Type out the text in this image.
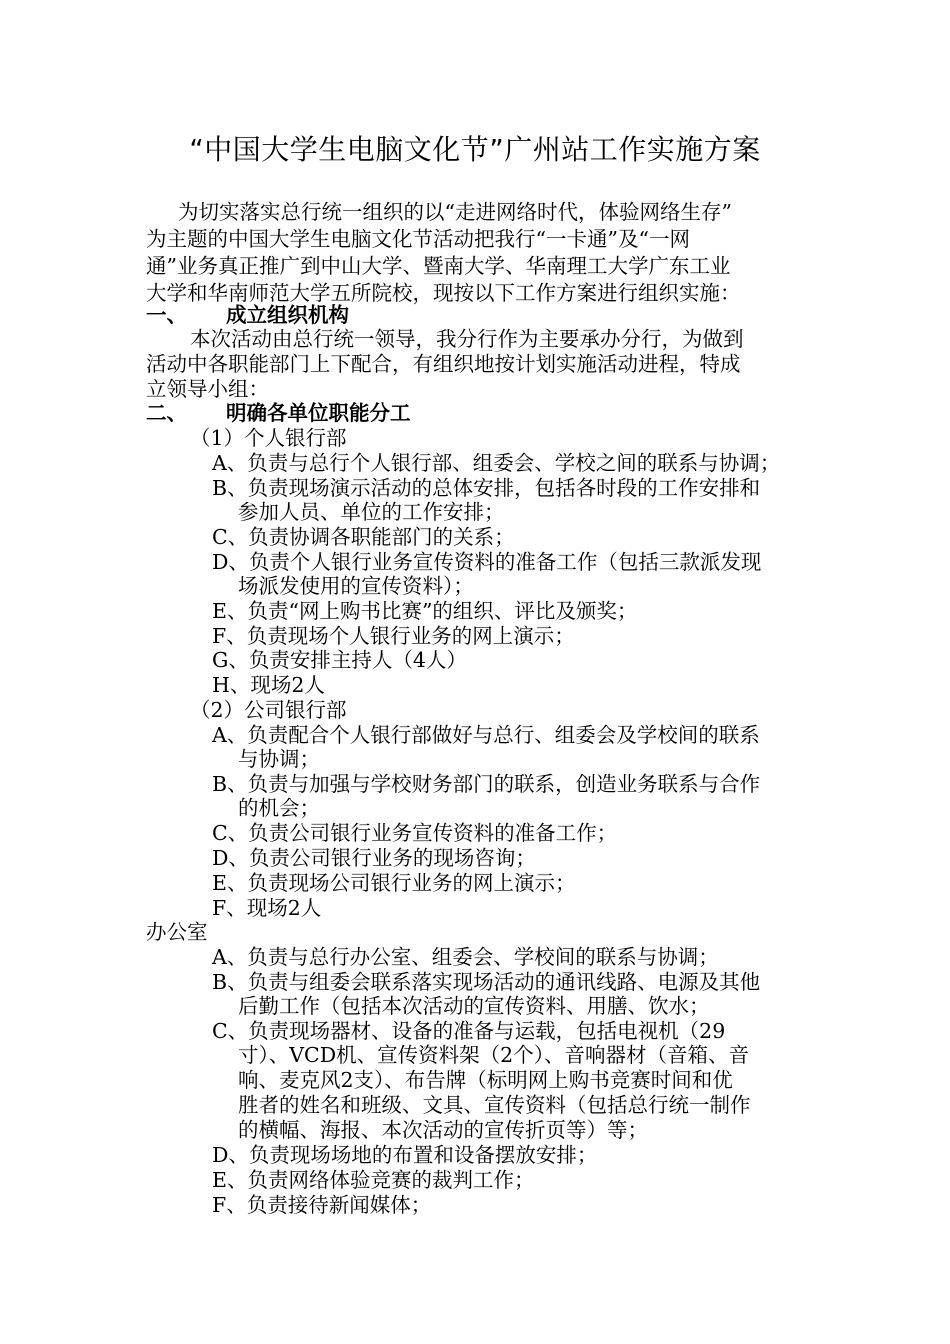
“中国大学生电脑文化节”广州站工作实施方案
为切实落实总行统一组织的以“走进网络时代，体验网络生存”
为主题的中国大学生电脑文化节活动把我行“一卡通”及“一网
通”业务真正推广到中山大学、暨南大学、华南理工大学广东工业
大学和华南师范大学五所院校，现按以下工作方案进行组织实施：
一、 成立组织机构
本次活动由总行统一领导，我分行作为主要承办分行，为做到
活动中各职能部门上下配合，有组织地按计划实施活动进程，特成
立领导小组：
二、 明确各单位职能分工
（1）个人银行部
A、负责与总行个人银行部、组委会、学校之间的联系与协调；
B、负责现场演示活动的总体安排，包括各时段的工作安排和
参加人员、单位的工作安排；
C、负责协调各职能部门的关系；
D、负责个人银行业务宣传资料的准备工作（包括三款派发现
场派发使用的宣传资料）；
E、负责“网上购书比赛”的组织、评比及颁奖；
F、负责现场个人银行业务的网上演示；
G、负责安排主持人（4人）
H、现场2人
（2）公司银行部
A、负责配合个人银行部做好与总行、组委会及学校间的联系
与协调；
B、负责与加强与学校财务部门的联系，创造业务联系与合作
的机会；
C、负责公司银行业务宣传资料的准备工作；
D、负责公司银行业务的现场咨询；
E、负责现场公司银行业务的网上演示；
F、现场2人
办公室
A、负责与总行办公室、组委会、学校间的联系与协调；
B、负责与组委会联系落实现场活动的通讯线路、电源及其他
后勤工作（包括本次活动的宣传资料、用膳、饮水；
C、负责现场器材、设备的准备与运载，包括电视机（29
寸）、VCD机、宣传资料架（2个）、音响器材（音箱、音
响、麦克风2支）、布告牌（标明网上购书竞赛时间和优
胜者的姓名和班级、文具、宣传资料（包括总行统一制作
的横幅、海报、本次活动的宣传折页等）等；
D、负责现场场地的布置和设备摆放安排；
E、负责网络体验竞赛的裁判工作；
F、负责接待新闻媒体；
